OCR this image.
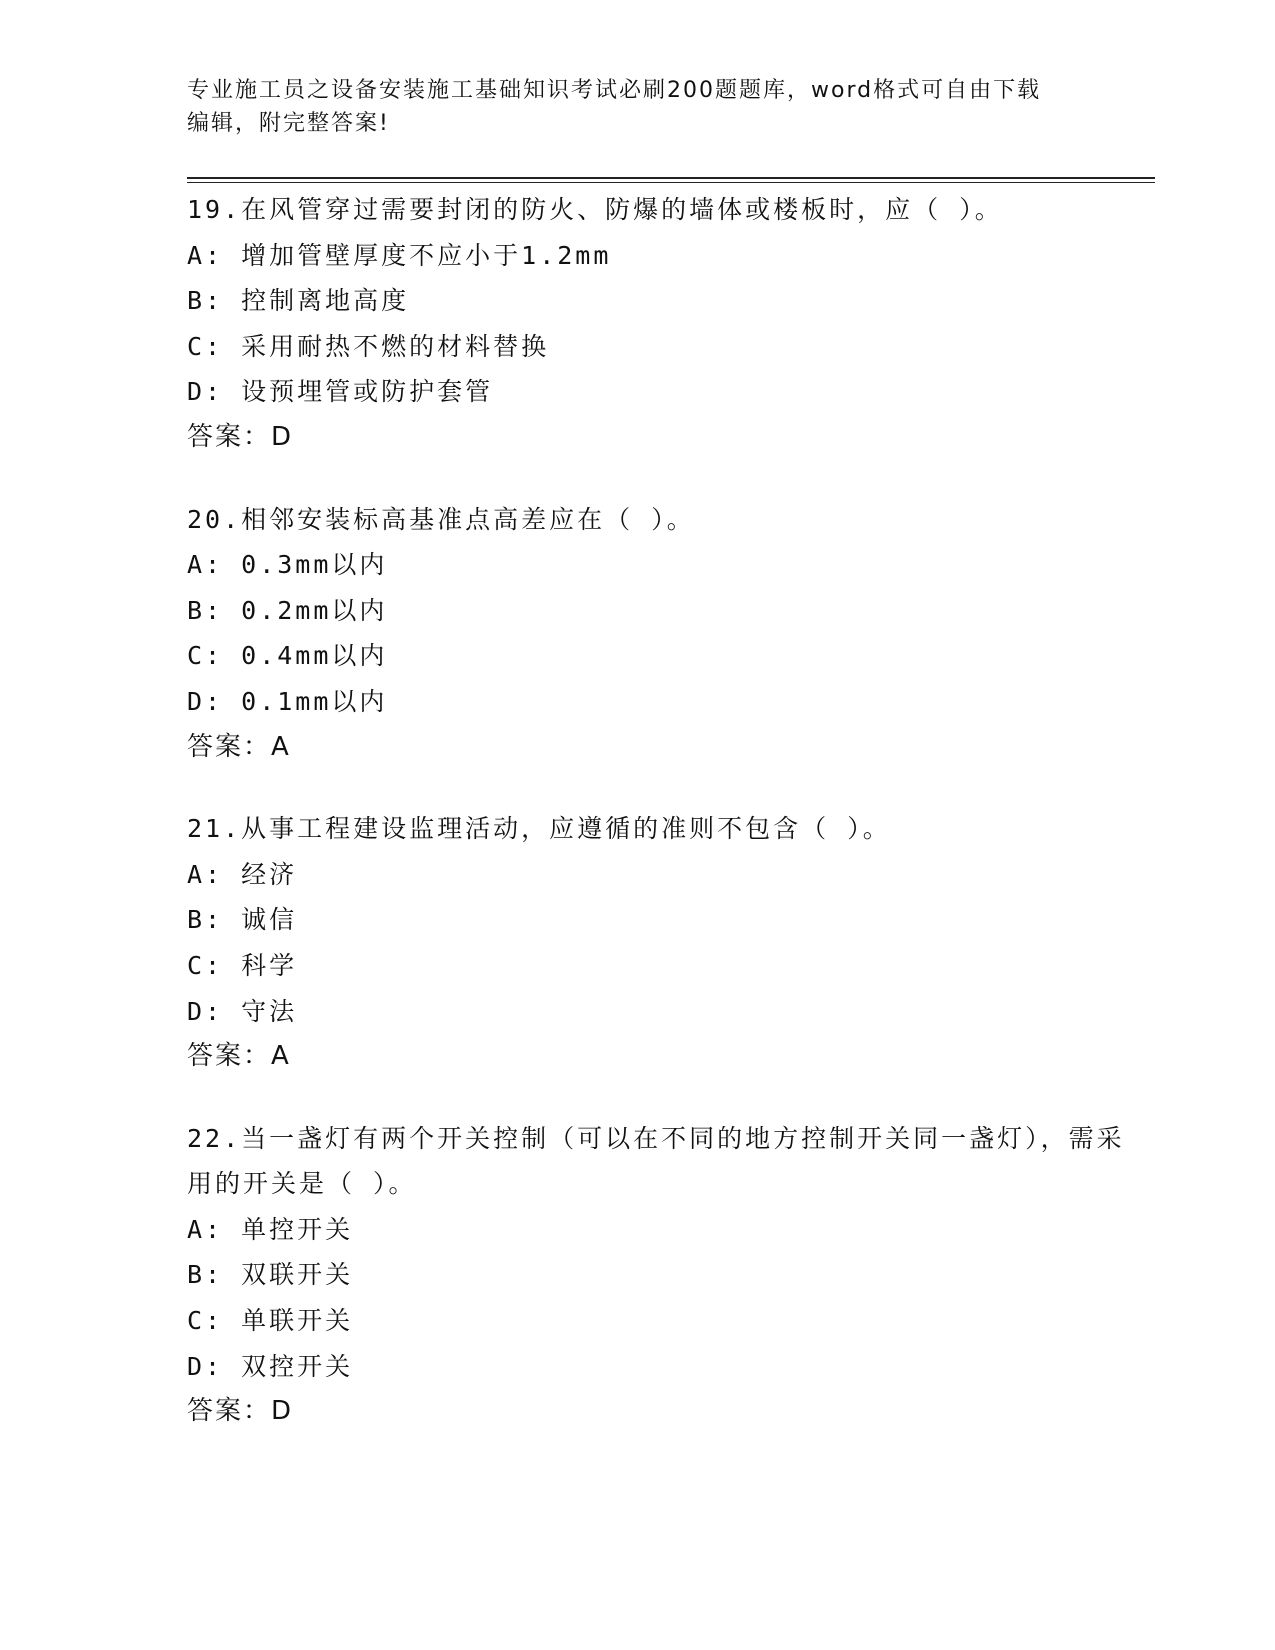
专业施工员之设备安装施工基础知识考试必刷200题题库，word格式可自由下载
编辑，附完整答案!

19.在风管穿过需要封闭的防火、防爆的墙体或楼板时，应（ ）。

A: 增加管壁厚度不应小于1.2mm
B: 控制离地高度
C: 采用耐热不燃的材料替换
D: 设预埋管或防护套管
答案：D

20.相邻安装标高基准点高差应在（ ）。

A: 0.3mm以内
B: 0.2mm以内
C: 0.4mm以内
D: 0.1mm以内
答案：A

21.从事工程建设监理活动，应遵循的准则不包含（ ）。

A: 经济
B: 诚信
C: 科学
D: 守法
答案：A

22.当一盏灯有两个开关控制（可以在不同的地方控制开关同一盏灯），需采用的开关是（ ）。

A: 单控开关
B: 双联开关
C: 单联开关
D: 双控开关
答案：D
